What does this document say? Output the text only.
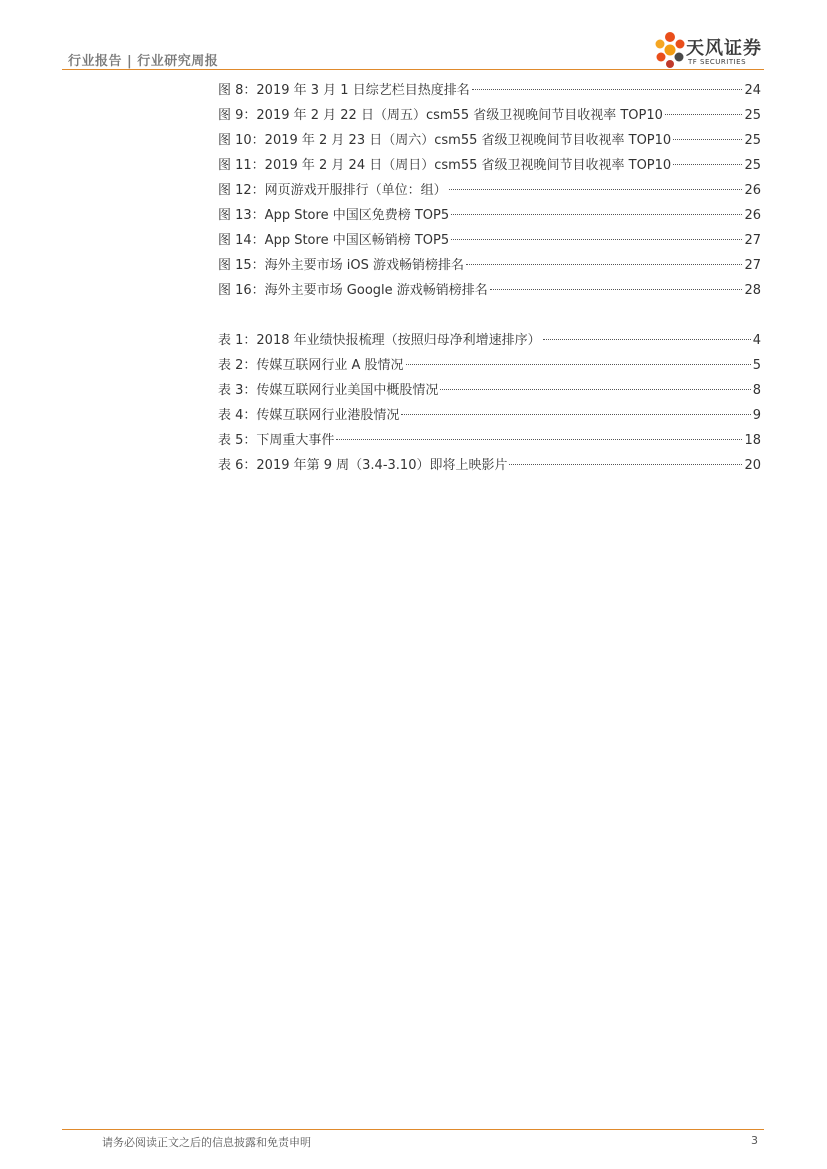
行业报告 | 行业研究周报
天风证券
TF SECURITIES
图 8：2019 年 3 月 1 日综艺栏目热度排名	24
图 9：2019 年 2 月 22 日（周五）csm55 省级卫视晚间节目收视率 TOP10	25
图 10：2019 年 2 月 23 日（周六）csm55 省级卫视晚间节目收视率 TOP10	25
图 11：2019 年 2 月 24 日（周日）csm55 省级卫视晚间节目收视率 TOP10	25
图 12：网页游戏开服排行（单位：组）	26
图 13：App Store 中国区免费榜 TOP5	26
图 14：App Store 中国区畅销榜 TOP5	27
图 15：海外主要市场 iOS 游戏畅销榜排名	27
图 16：海外主要市场 Google 游戏畅销榜排名	28
表 1：2018 年业绩快报梳理（按照归母净利增速排序）	4
表 2：传媒互联网行业 A 股情况	5
表 3：传媒互联网行业美国中概股情况	8
表 4：传媒互联网行业港股情况	9
表 5：下周重大事件	18
表 6：2019 年第 9 周（3.4-3.10）即将上映影片	20
请务必阅读正文之后的信息披露和免责申明	3
